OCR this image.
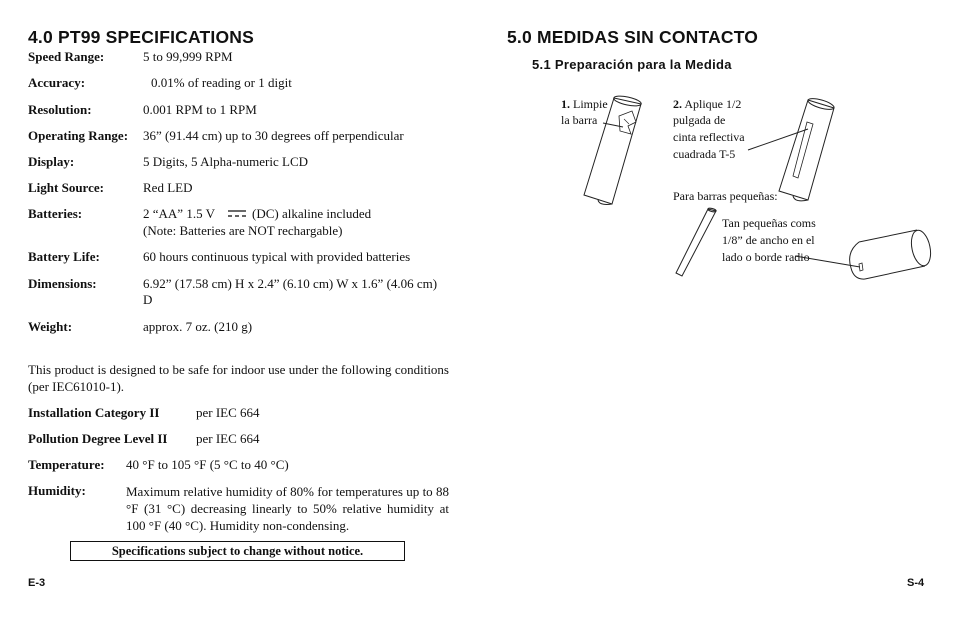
4.0 PT99 SPECIFICATIONS
Speed Range:	5 to 99,999 RPM
Accuracy:	0.01% of reading or 1 digit
Resolution:	0.001 RPM to 1 RPM
Operating Range: 36” (91.44 cm) up to 30 degrees off perpendicular
Display:	5 Digits, 5 Alpha-numeric LCD
Light Source:	Red LED
Batteries:	2 “AA” 1.5 V	(DC) alkaline included
(Note: Batteries are NOT rechargable)
Battery Life:	60 hours continuous typical with provided batteries
Dimensions:	6.92” (17.58 cm) H x 2.4” (6.10 cm) W x 1.6” (4.06 cm)
D
Weight:	approx. 7 oz. (210 g)
This product is designed to be safe for indoor use under the following conditions (per IEC61010-1).
Installation Category II	per IEC 664
Pollution Degree Level II per IEC 664
Temperature: 40 °F to 105 °F (5 °C to 40 °C)
Humidity:	Maximum relative humidity of 80% for temperatures up to 88 °F (31 °C) decreasing linearly to 50% relative humidity at 100 °F (40 °C). Humidity non-condensing.
Specifications subject to change without notice.
E-3
5.0 MEDIDAS SIN CONTACTO
5.1 Preparación para la Medida
1. Limpie
la barra
2. Aplique 1/2
pulgada de
cinta reflectiva
cuadrada T-5
Para barras pequeñas:
Tan pequeñas coms
1/8” de ancho en el
lado o borde radio
S-4
